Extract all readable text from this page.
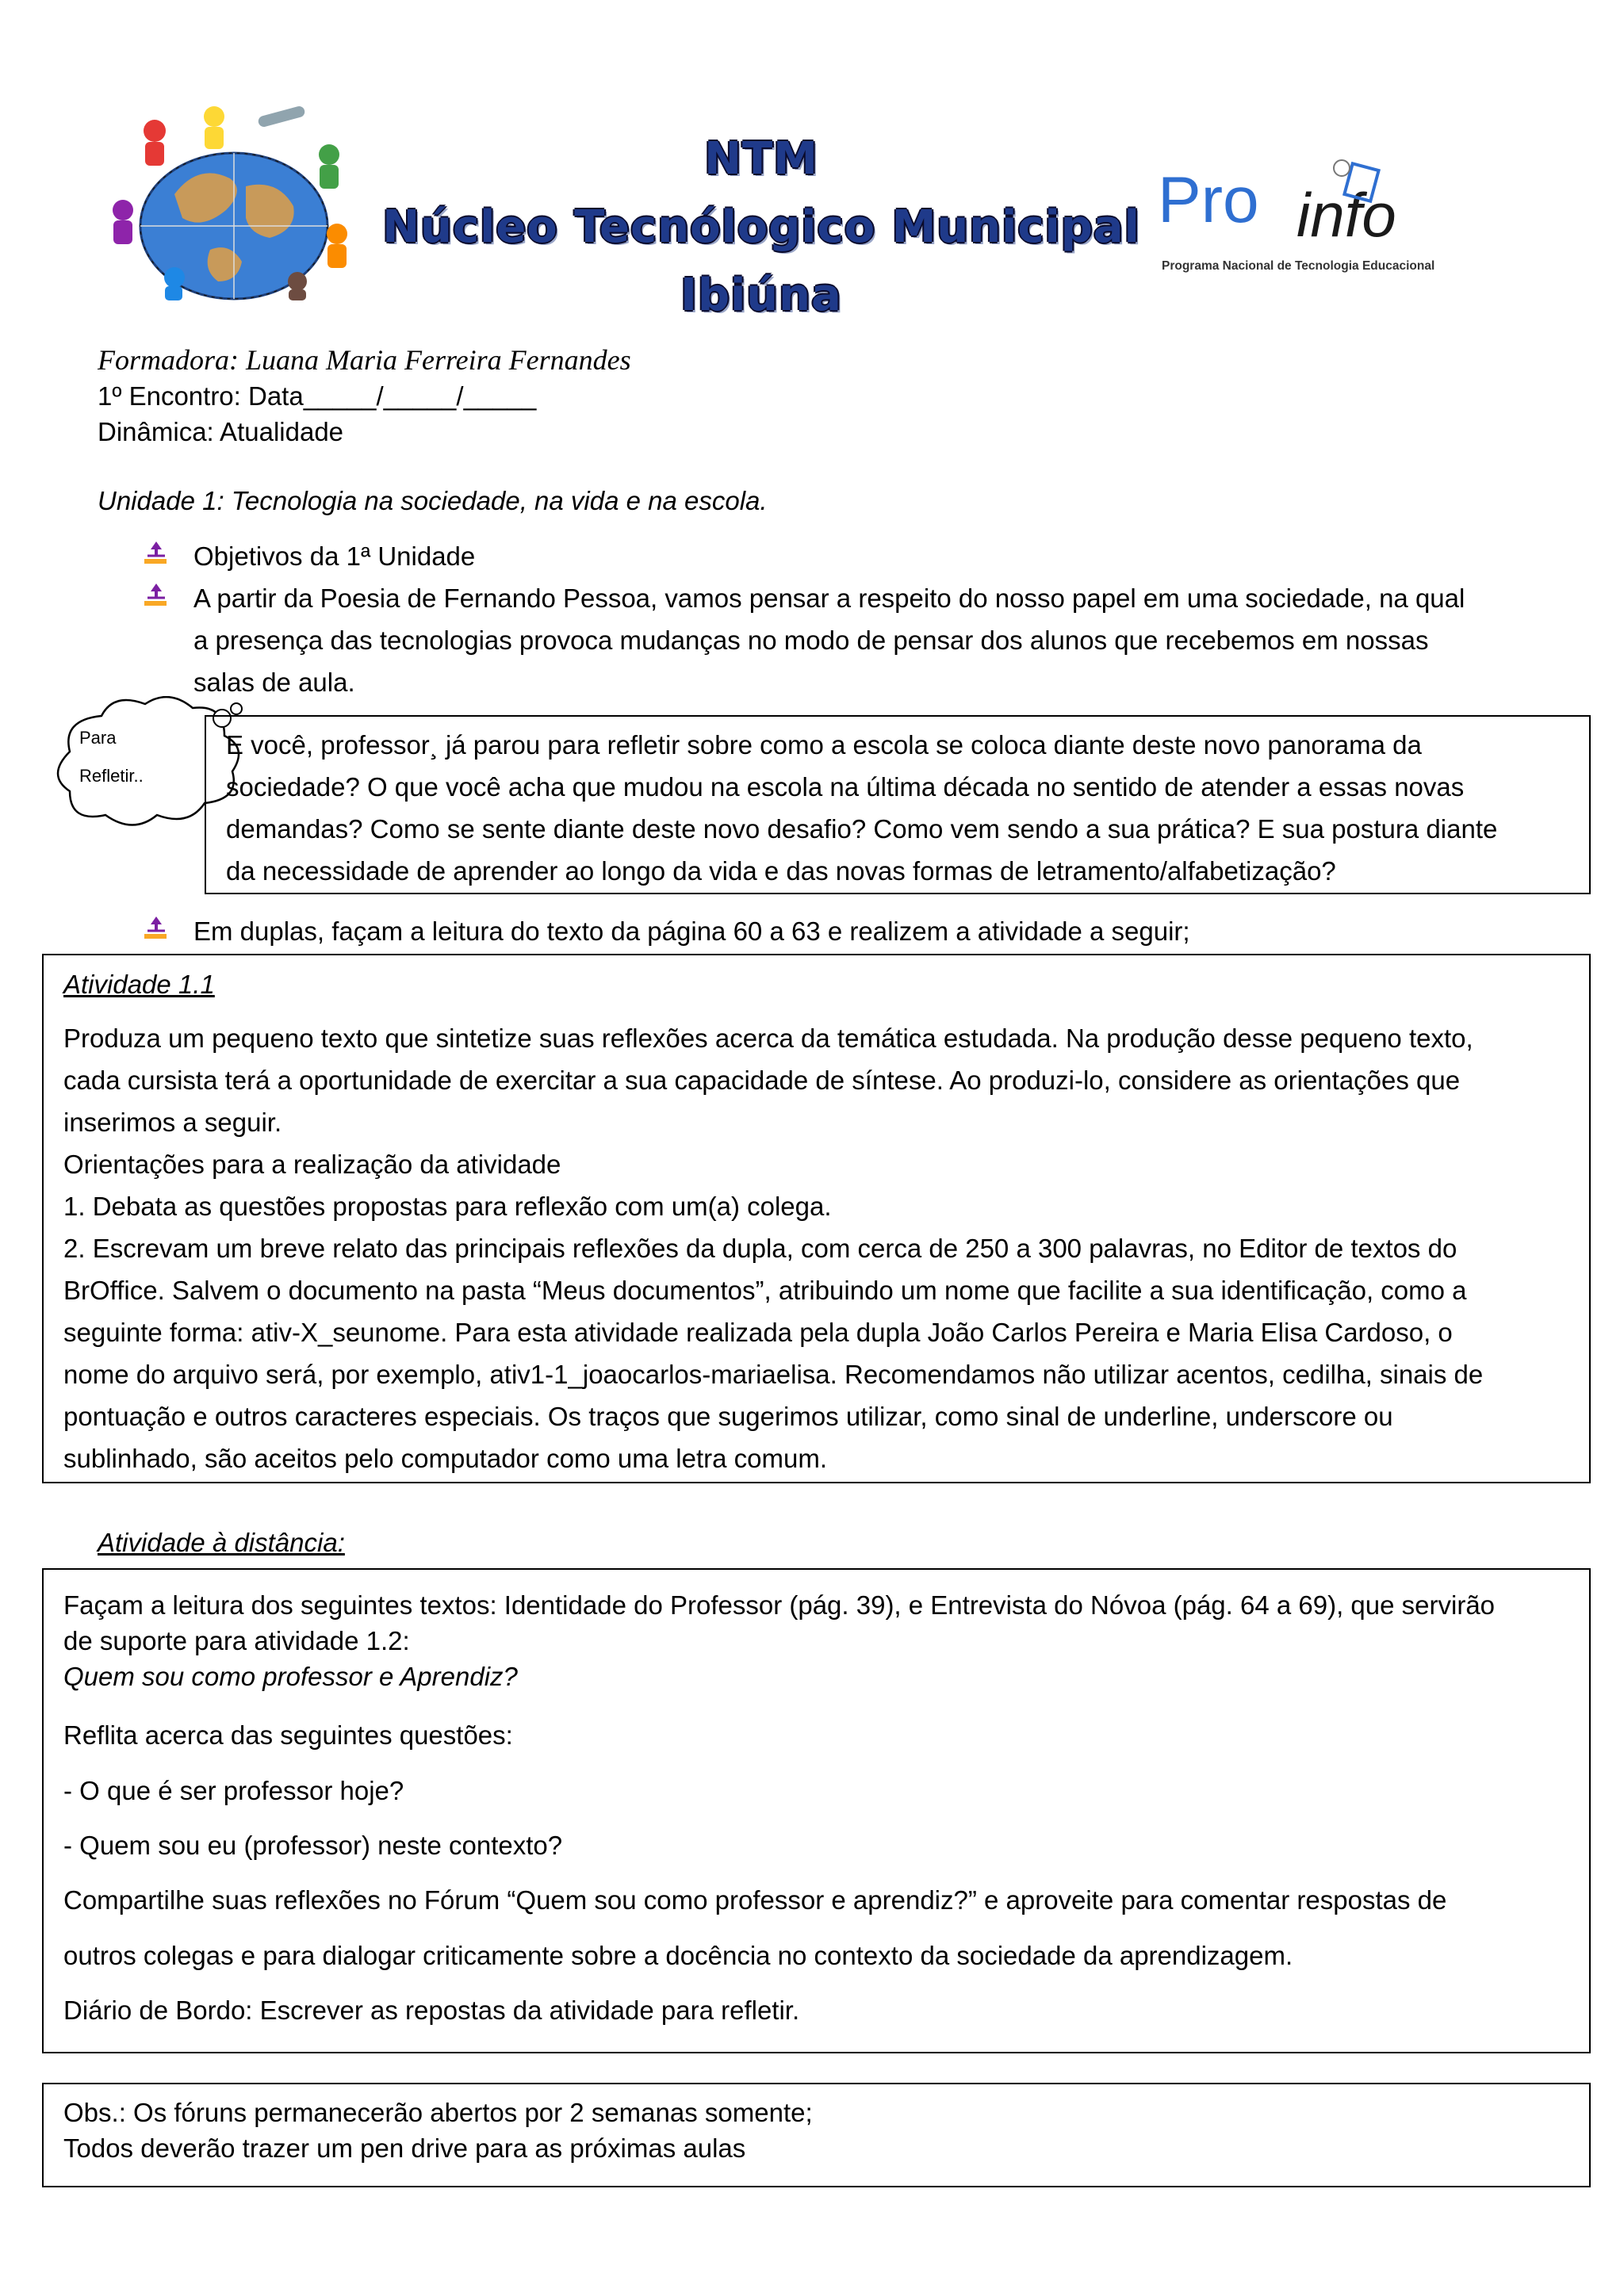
NTM
Núcleo Tecnólogico Municipal
Ibiúna
Pro info
Programa Nacional de Tecnologia Educacional
Formadora: Luana Maria Ferreira Fernandes
1º Encontro: Data_____/_____/_____
Dinâmica: Atualidade
Unidade 1: Tecnologia na sociedade, na vida e na escola.
Objetivos da 1ª Unidade
A partir da Poesia de Fernando Pessoa, vamos pensar a respeito do nosso papel em uma sociedade, na qual
a presença das tecnologias provoca mudanças no modo de pensar dos alunos que recebemos em nossas
salas de aula.
Para
Refletir..
E você, professor¸ já parou para refletir sobre como a escola se coloca diante deste novo panorama da
sociedade? O que você acha que mudou na escola na última década no sentido de atender a essas novas
demandas? Como se sente diante deste novo desafio? Como vem sendo a sua prática? E sua postura diante
da necessidade de aprender ao longo da vida e das novas formas de letramento/alfabetização?
Em duplas, façam a leitura do texto da página 60 a 63 e realizem a atividade a seguir;
Atividade 1.1
Produza um pequeno texto que sintetize suas reflexões acerca da temática estudada. Na produção desse pequeno texto,
cada cursista terá a oportunidade de exercitar a sua capacidade de síntese. Ao produzi-lo, considere as orientações que
inserimos a seguir.
Orientações para a realização da atividade
1. Debata as questões propostas para reflexão com um(a) colega.
2. Escrevam um breve relato das principais reflexões da dupla, com cerca de 250 a 300 palavras, no Editor de textos do
BrOffice. Salvem o documento na pasta “Meus documentos”, atribuindo um nome que facilite a sua identificação, como a
seguinte forma: ativ-X_seunome. Para esta atividade realizada pela dupla João Carlos Pereira e Maria Elisa Cardoso, o
nome do arquivo será, por exemplo, ativ1-1_joaocarlos-mariaelisa. Recomendamos não utilizar acentos, cedilha, sinais de
pontuação e outros caracteres especiais. Os traços que sugerimos utilizar, como sinal de underline, underscore ou
sublinhado, são aceitos pelo computador como uma letra comum.
Atividade à distância:
Façam a leitura dos seguintes textos: Identidade do Professor (pág. 39), e Entrevista do Nóvoa (pág. 64 a 69), que servirão
de suporte para atividade 1.2:
Quem sou como professor e Aprendiz?
Reflita acerca das seguintes questões:
- O que é ser professor hoje?
- Quem sou eu (professor) neste contexto?
Compartilhe suas reflexões no Fórum “Quem sou como professor e aprendiz?” e aproveite para comentar respostas de
outros colegas e para dialogar criticamente sobre a docência no contexto da sociedade da aprendizagem.
Diário de Bordo: Escrever as repostas da atividade para refletir.
Obs.: Os fóruns permanecerão abertos por 2 semanas somente;
Todos deverão trazer um pen drive para as próximas aulas
